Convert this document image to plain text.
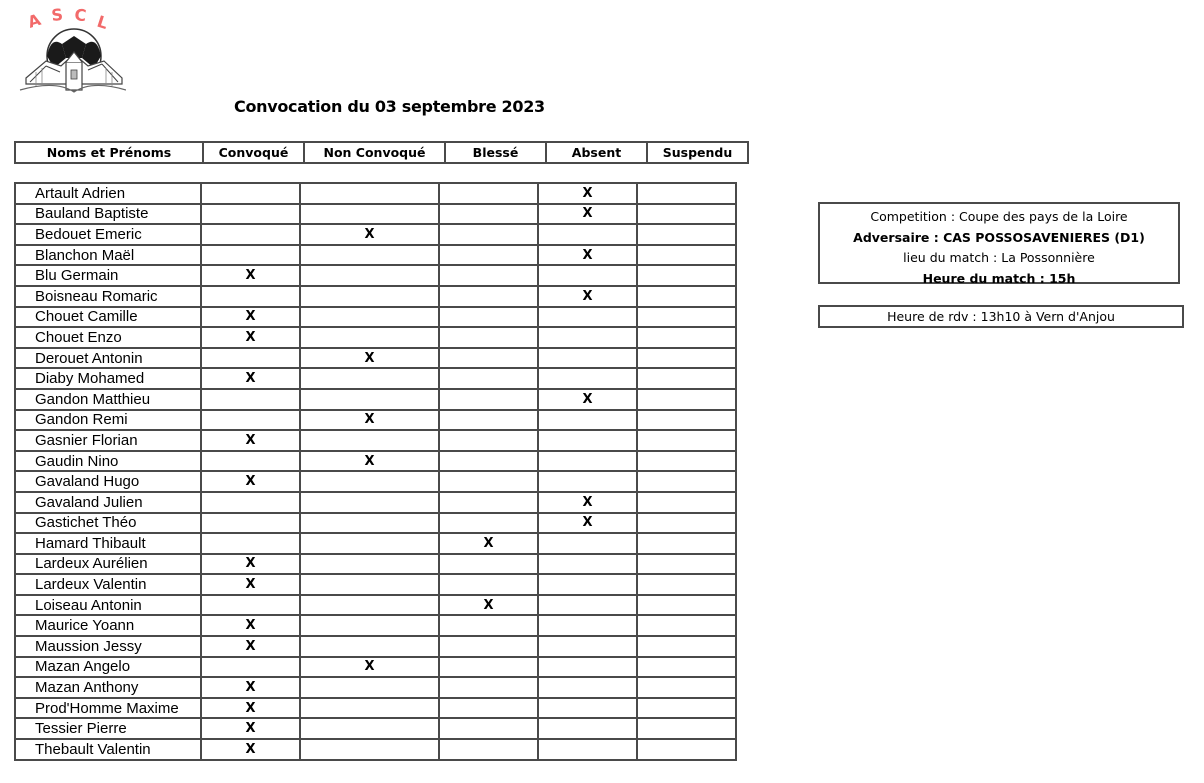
A S C L
Convocation du 03 septembre 2023
Noms et Prénoms	Convoqué	Non Convoqué	Blessé	Absent	Suspendu
Artault Adrien				X	
Bauland Baptiste				X	
Bedouet Emeric		X			
Blanchon Maël				X	
Blu Germain	X				
Boisneau Romaric				X	
Chouet Camille	X				
Chouet Enzo	X				
Derouet Antonin		X			
Diaby Mohamed	X				
Gandon Matthieu				X	
Gandon Remi		X			
Gasnier Florian	X				
Gaudin Nino		X			
Gavaland Hugo	X				
Gavaland Julien				X	
Gastichet Théo				X	
Hamard Thibault			X		
Lardeux Aurélien	X				
Lardeux Valentin	X				
Loiseau Antonin			X		
Maurice Yoann	X				
Maussion Jessy	X				
Mazan Angelo		X			
Mazan Anthony	X				
Prod'Homme Maxime	X				
Tessier Pierre	X				
Thebault Valentin	X				
Competition : Coupe des pays de la Loire
Adversaire : CAS POSSOSAVENIERES (D1)
lieu du match : La Possonnière
Heure du match : 15h
Heure de rdv : 13h10 à Vern d'Anjou
